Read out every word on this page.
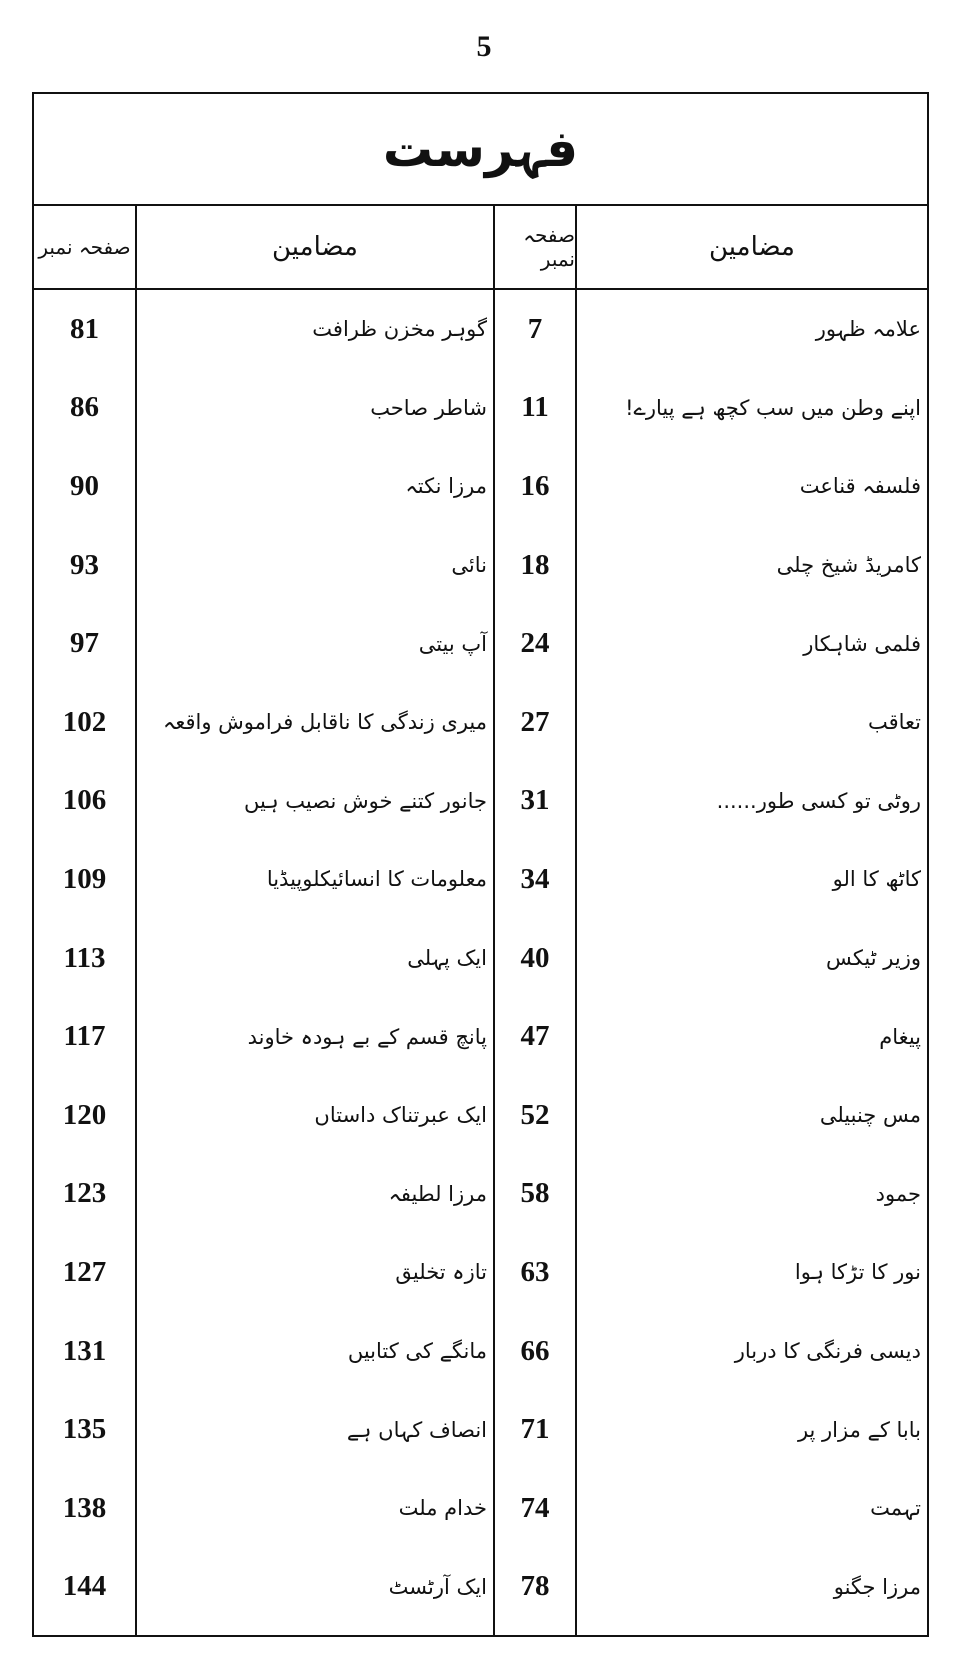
5
فہرست
مضامین
صفحہ نمبر
مضامین
صفحہ نمبر
علامہ ظہور
اپنے وطن میں سب کچھ ہے پیارے!
فلسفہ قناعت
کامریڈ شیخ چلی
فلمی شاہکار
تعاقب
روٹی تو کسی طور......
کاٹھ کا الو
وزیر ٹیکس
پیغام
مس چنبیلی
جمود
نور کا تڑکا ہوا
دیسی فرنگی کا دربار
بابا کے مزار پر
تہمت
مرزا جگنو
7
11
16
18
24
27
31
34
40
47
52
58
63
66
71
74
78
گوہر مخزن ظرافت
شاطر صاحب
مرزا نکتہ
نائی
آپ بیتی
میری زندگی کا ناقابل فراموش واقعہ
جانور کتنے خوش نصیب ہیں
معلومات کا انسائیکلوپیڈیا
ایک پہلی
پانچ قسم کے بے ہودہ خاوند
ایک عبرتناک داستاں
مرزا لطیفہ
تازہ تخلیق
مانگے کی کتابیں
انصاف کہاں ہے
خدام ملت
ایک آرٹسٹ
81
86
90
93
97
102
106
109
113
117
120
123
127
131
135
138
144
